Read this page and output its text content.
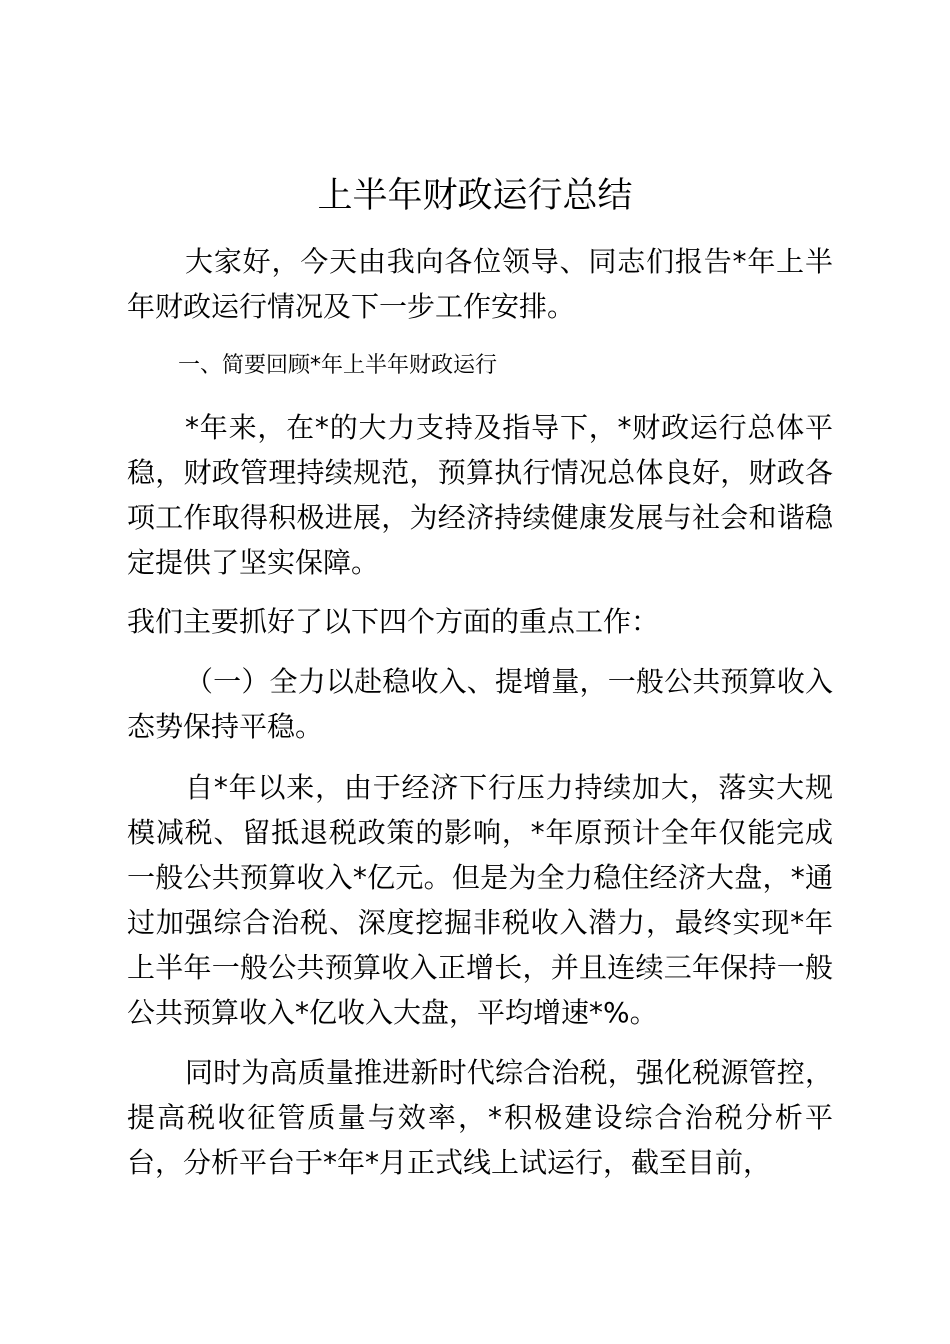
上半年财政运行总结

大家好，今天由我向各位领导、同志们报告*年上半年财政运行情况及下一步工作安排。

一、简要回顾*年上半年财政运行

*年来，在*的大力支持及指导下，*财政运行总体平稳，财政管理持续规范，预算执行情况总体良好，财政各项工作取得积极进展，为经济持续健康发展与社会和谐稳定提供了坚实保障。

我们主要抓好了以下四个方面的重点工作：

（一）全力以赴稳收入、提增量，一般公共预算收入态势保持平稳。

自*年以来，由于经济下行压力持续加大，落实大规模减税、留抵退税政策的影响，*年原预计全年仅能完成一般公共预算收入*亿元。但是为全力稳住经济大盘，*通过加强综合治税、深度挖掘非税收入潜力，最终实现*年上半年一般公共预算收入正增长，并且连续三年保持一般公共预算收入*亿收入大盘，平均增速*%。

同时为高质量推进新时代综合治税，强化税源管控，提高税收征管质量与效率，*积极建设综合治税分析平台，分析平台于*年*月正式线上试运行，截至目前，
